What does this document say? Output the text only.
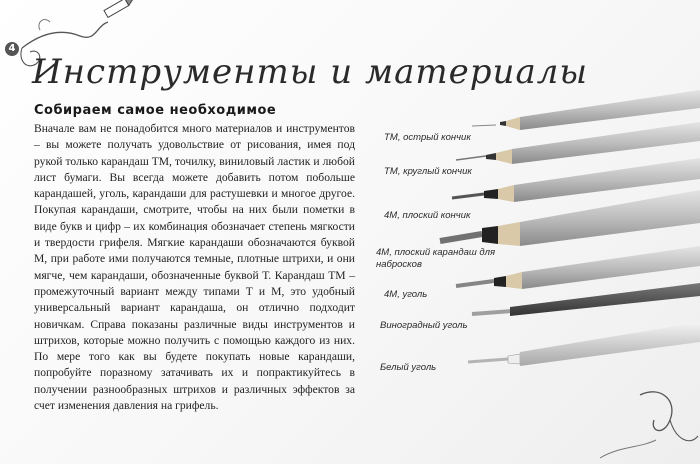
4
Инструменты и материалы
Собираем самое необходимое

Вначале вам не понадобится много материалов и инструментов – вы можете получать удовольствие от рисования, имея под рукой только карандаш ТМ, точилку, виниловый ластик и любой лист бумаги. Вы всегда можете добавить потом побольше карандашей, уголь, карандаши для растушевки и многое другое. Покупая карандаши, смотрите, чтобы на них были пометки в виде букв и цифр – их комбинация обозначает степень мягкости и твердости грифеля. Мягкие карандаши обозначаются буквой М, при работе ими получаются темные, плотные штрихи, и они мягче, чем карандаши, обозначенные буквой Т. Карандаш ТМ – промежуточный вариант между типами Т и М, это удобный универсальный вариант карандаша, он отлично подходит новичкам. Справа показаны различные виды инструментов и штрихов, которые можно получить с помощью каждого из них. По мере того как вы будете покупать новые карандаши, попробуйте поразному затачивать их и попрактикуйтесь в получении разнообразных штрихов и различных эффектов за счет изменения давления на грифель.

ТМ, острый кончик
ТМ, круглый кончик
4М, плоский кончик
4М, плоский карандаш для
набросков
4М, уголь
Виноградный уголь
Белый уголь
